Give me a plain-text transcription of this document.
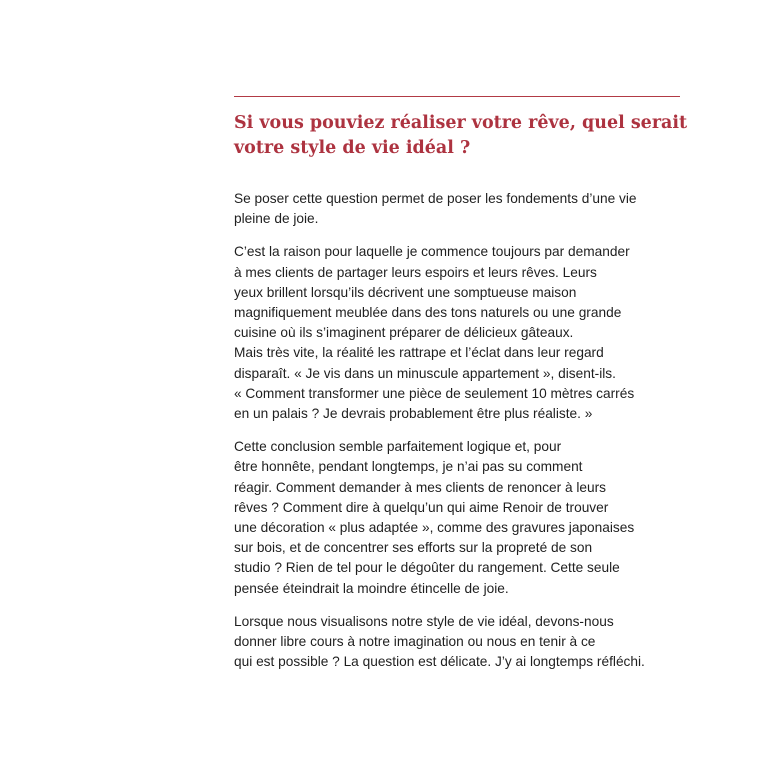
Si vous pouviez réaliser votre rêve, quel serait
votre style de vie idéal ?

Se poser cette question permet de poser les fondements d’une vie
pleine de joie.

C’est la raison pour laquelle je commence toujours par demander
à mes clients de partager leurs espoirs et leurs rêves. Leurs
yeux brillent lorsqu’ils décrivent une somptueuse maison
magnifiquement meublée dans des tons naturels ou une grande
cuisine où ils s’imaginent préparer de délicieux gâteaux.
Mais très vite, la réalité les rattrape et l’éclat dans leur regard
disparaît. « Je vis dans un minuscule appartement », disent-ils.
« Comment transformer une pièce de seulement 10 mètres carrés
en un palais ? Je devrais probablement être plus réaliste. »

Cette conclusion semble parfaitement logique et, pour
être honnête, pendant longtemps, je n’ai pas su comment
réagir. Comment demander à mes clients de renoncer à leurs
rêves ? Comment dire à quelqu’un qui aime Renoir de trouver
une décoration « plus adaptée », comme des gravures japonaises
sur bois, et de concentrer ses efforts sur la propreté de son
studio ? Rien de tel pour le dégoûter du rangement. Cette seule
pensée éteindrait la moindre étincelle de joie.

Lorsque nous visualisons notre style de vie idéal, devons-nous
donner libre cours à notre imagination ou nous en tenir à ce
qui est possible ? La question est délicate. J’y ai longtemps réfléchi.
